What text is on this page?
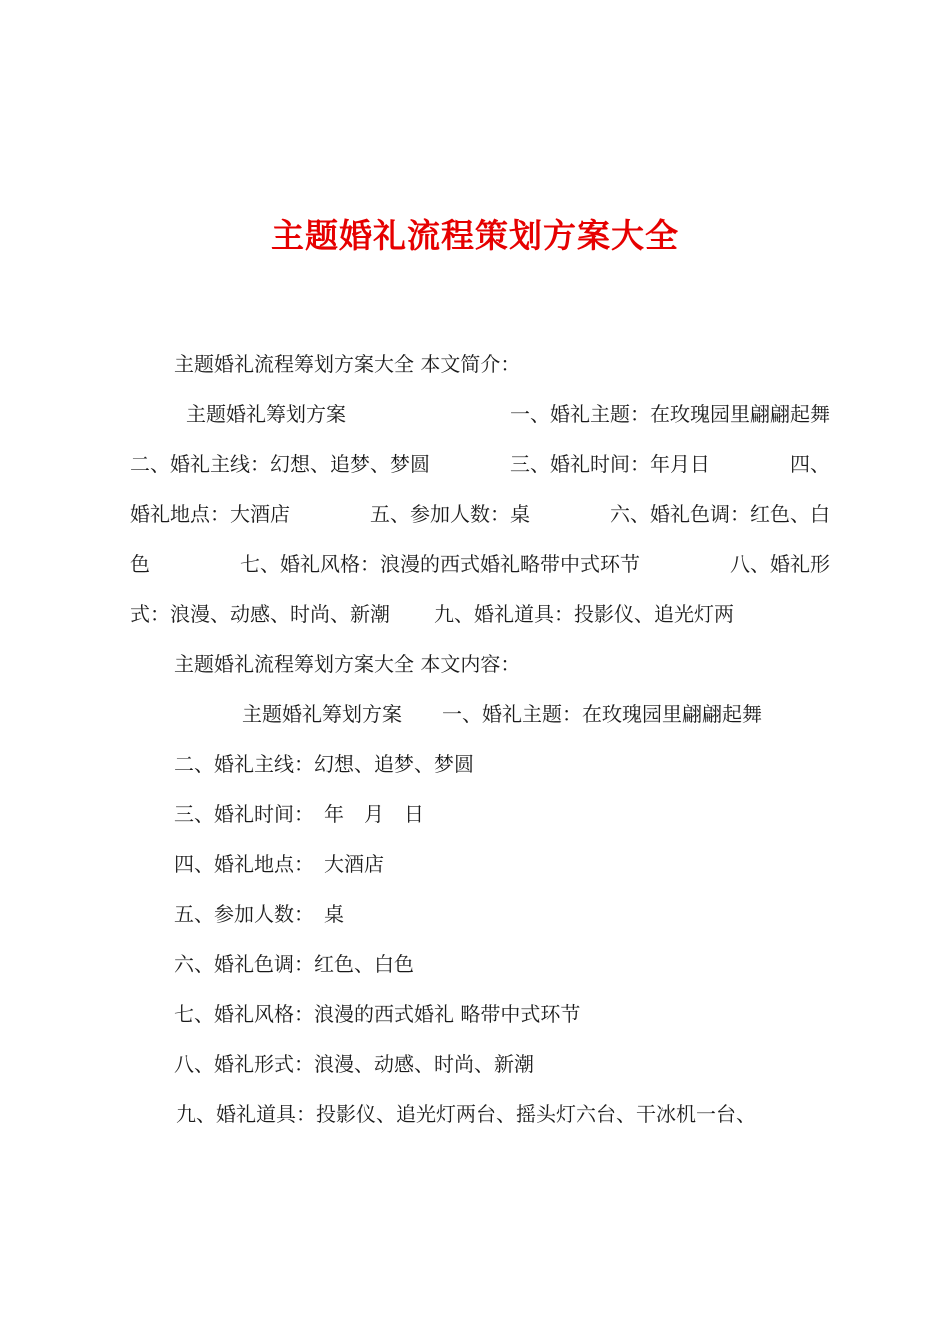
主题婚礼流程策划方案大全
主题婚礼流程筹划方案大全 本文简介：
主题婚礼筹划方案	一、婚礼主题：在玫瑰园里翩翩起舞
二、婚礼主线：幻想、追梦、梦圆	三、婚礼时间：年月日	四、
婚礼地点：大酒店	五、参加人数：桌	六、婚礼色调：红色、白
色	七、婚礼风格：浪漫的西式婚礼略带中式环节	八、婚礼形
式：浪漫、动感、时尚、新潮 九、婚礼道具：投影仪、追光灯两
主题婚礼流程筹划方案大全 本文内容：
主题婚礼筹划方案　　一、婚礼主题：在玫瑰园里翩翩起舞
二、婚礼主线：幻想、追梦、梦圆
三、婚礼时间：　年　月　日
四、婚礼地点：　大酒店
五、参加人数：　桌
六、婚礼色调：红色、白色
七、婚礼风格：浪漫的西式婚礼 略带中式环节
八、婚礼形式：浪漫、动感、时尚、新潮
九、婚礼道具：投影仪、追光灯两台、摇头灯六台、干冰机一台、
